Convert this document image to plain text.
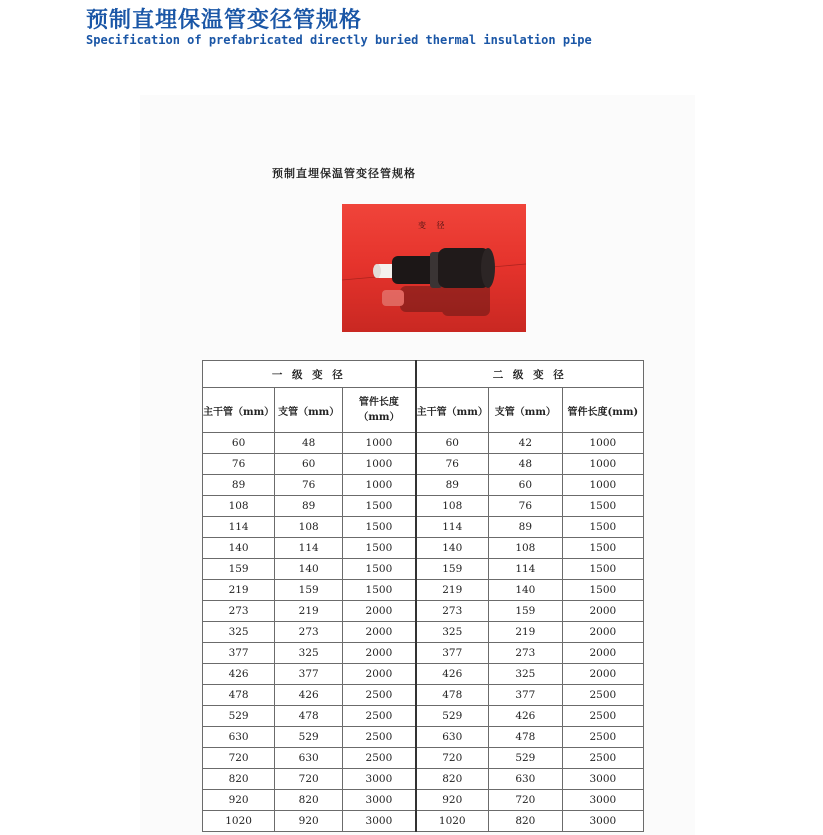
预制直埋保温管变径管规格
Specification of prefabricated directly buried thermal insulation pipe
预制直埋保温管变径管规格
变 径
一 级 变 径			二 级 变 径		
主干管（mm）	支管（mm）	管件长度（mm）	主干管（mm）	支管（mm）	管件长度(mm)
60	48	1000	60	42	1000
76	60	1000	76	48	1000
89	76	1000	89	60	1000
108	89	1500	108	76	1500
114	108	1500	114	89	1500
140	114	1500	140	108	1500
159	140	1500	159	114	1500
219	159	1500	219	140	1500
273	219	2000	273	159	2000
325	273	2000	325	219	2000
377	325	2000	377	273	2000
426	377	2000	426	325	2000
478	426	2500	478	377	2500
529	478	2500	529	426	2500
630	529	2500	630	478	2500
720	630	2500	720	529	2500
820	720	3000	820	630	3000
920	820	3000	920	720	3000
1020	920	3000	1020	820	3000
